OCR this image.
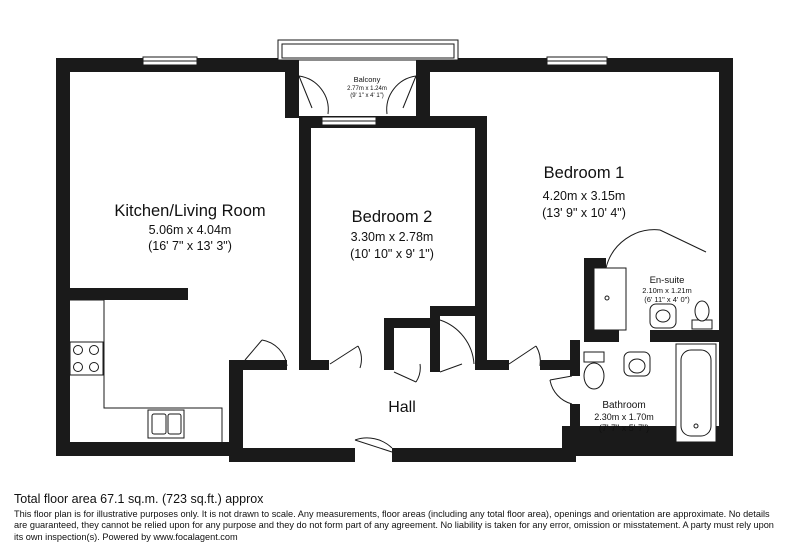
Kitchen/Living Room
5.06m x 4.04m
(16' 7" x 13' 3")
Bedroom 2
3.30m x 2.78m
(10' 10" x 9' 1")
Bedroom 1
4.20m x 3.15m
(13' 9" x 10' 4")
En-suite
2.10m x 1.21m
(6' 11" x 4' 0")
Bathroom
2.30m x 1.70m
(7' 7" x 5' 7")
Balcony
2.77m x 1.24m
(9' 1" x 4' 1")
Hall

Total floor area 67.1 sq.m. (723 sq.ft.) approx

This floor plan is for illustrative purposes only. It is not drawn to scale. Any measurements, floor areas (including any total floor area), openings and orientation are approximate. No details are guaranteed, they cannot be relied upon for any purpose and they do not form part of any agreement. No liability is taken for any error, omission or misstatement. A party must rely upon its own inspection(s). Powered by www.focalagent.com
